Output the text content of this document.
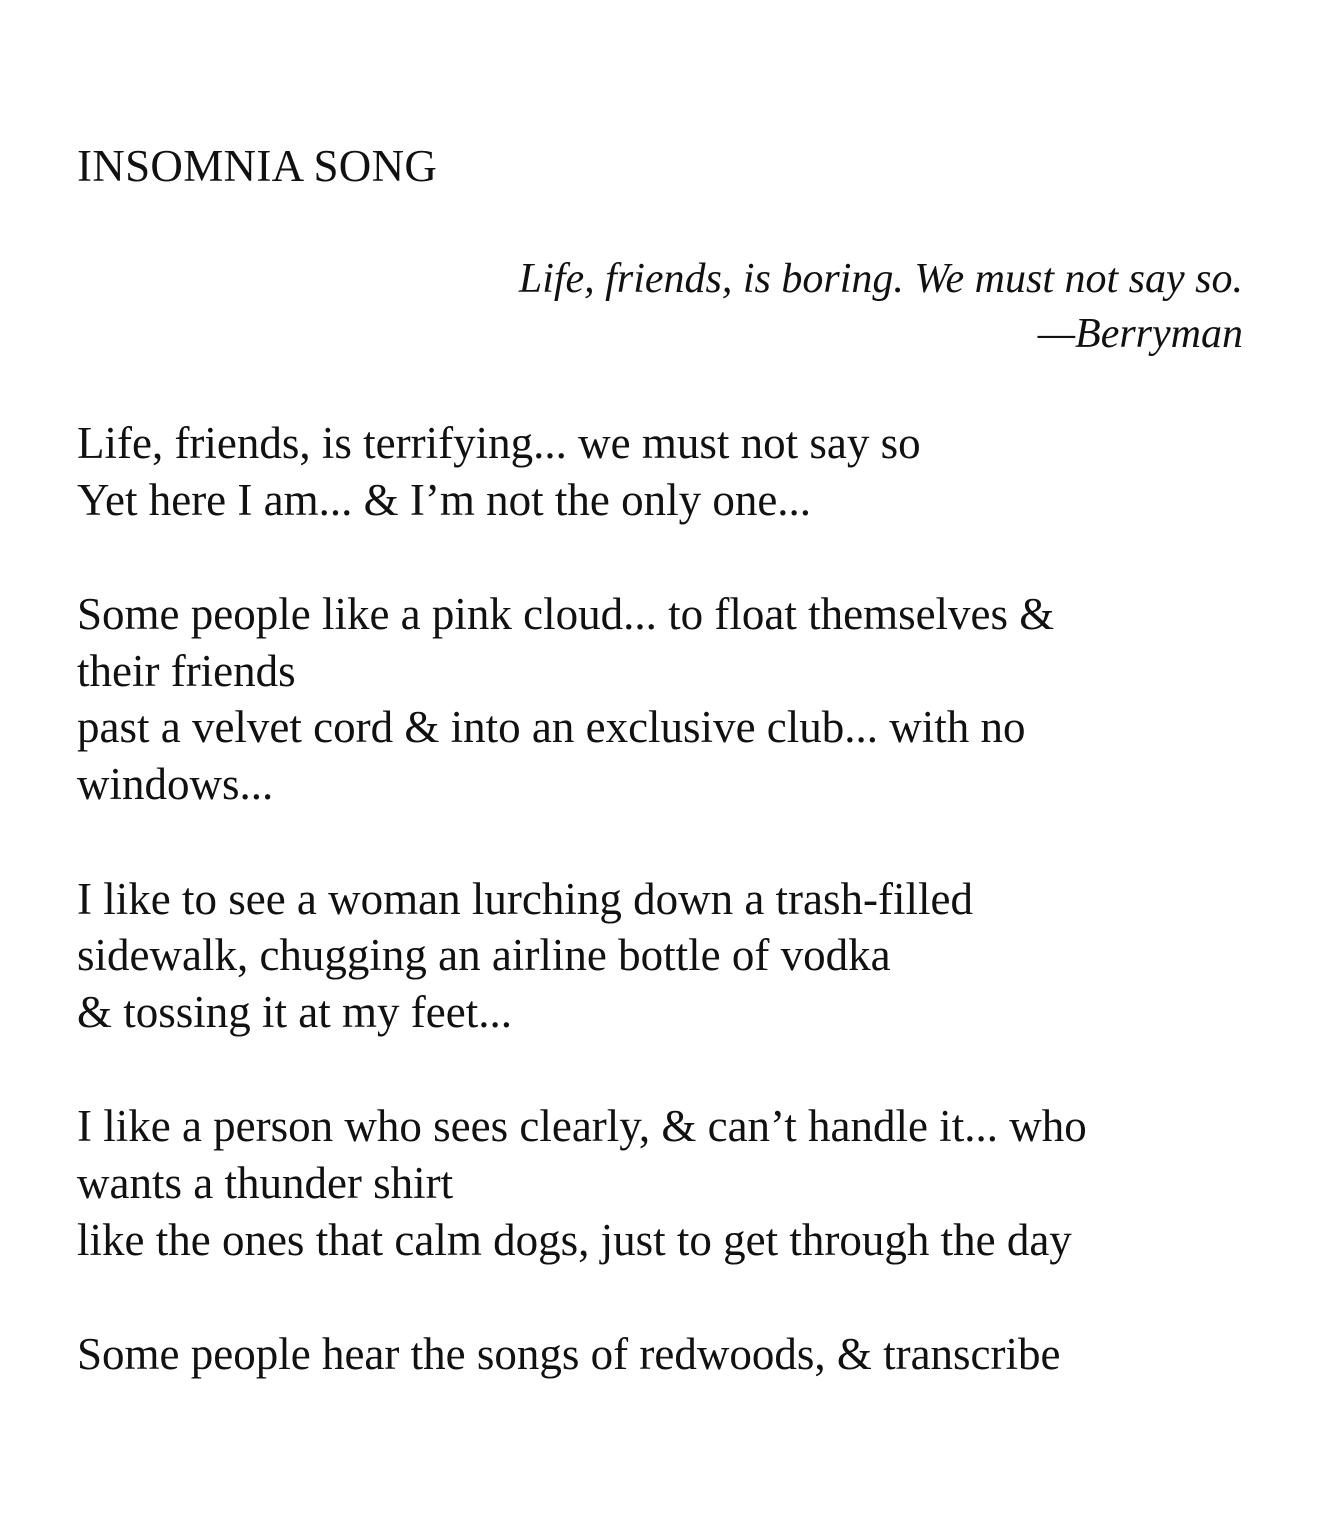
INSOMNIA SONG
Life, friends, is boring. We must not say so.
—Berryman
Life, friends, is terrifying... we must not say so
Yet here I am... & I’m not the only one...
Some people like a pink cloud... to float themselves &
their friends
past a velvet cord & into an exclusive club... with no
windows...
I like to see a woman lurching down a trash-filled
sidewalk, chugging an airline bottle of vodka
& tossing it at my feet...
I like a person who sees clearly, & can’t handle it... who
wants a thunder shirt
like the ones that calm dogs, just to get through the day
Some people hear the songs of redwoods, & transcribe
